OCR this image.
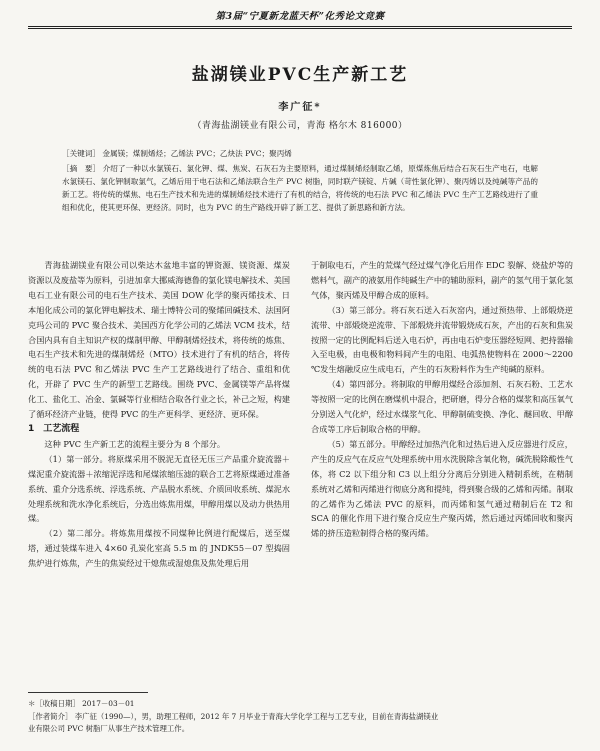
第3届“宁夏新龙蓝天杯”化秀论文竞赛
盐湖镁业PVC生产新工艺
李广征*
（青海盐湖镁业有限公司，青海 格尔木 816000）

［关键词］ 金属镁；煤制烯烃；乙烯法 PVC；乙炔法 PVC；聚丙烯

［摘　要］ 介绍了一种以水氯镁石、氯化钾、煤、焦炭、石灰石为主要原料，通过煤制烯烃制取乙烯，原煤炼焦后结合石灰石生产电石，电解水氯镁石、氯化钾制取氯气，乙烯后用于电石法和乙烯法联合生产 PVC 树脂，同时联产镁锭、片碱（苛性氯化钾）、聚丙烯以及纯碱等产品的新工艺。将传统的煤焦、电石生产技术和先进的煤制烯烃技术进行了有机的结合，将传统的电石法 PVC 和乙烯法 PVC 生产工艺路线进行了重组和优化，使其更环保、更经济。同时，也为 PVC 的生产路线开辟了新工艺、提供了新思路和新方法。

青海盐湖镁业有限公司以柴达木盆地丰富的钾资源、镁资源、煤炭资源以及废盐等为原料，引进加拿大挪威海德鲁的氯化镁电解技术、美国电石工业有限公司的电石生产技术、美国 DOW 化学的聚丙烯技术、日本旭化成公司的氯化钾电解技术、瑞士博特公司的聚烯回碱技术、法国阿克玛公司的 PVC 聚合技术、美国西方化学公司的乙烯法 VCM 技术，结合国内具有自主知识产权的煤制甲醇、甲醇制烯烃技术，将传统的炼焦、电石生产技术和先进的煤制烯烃（MTO）技术进行了有机的结合，将传统的电石法 PVC 和乙烯法 PVC 生产工艺路线进行了结合、重组和优化，开辟了 PVC 生产的新型工艺路线。围绕 PVC、金属镁等产品将煤化工、盐化工、冶金、氯碱等行业相结合取各行业之长，补己之短，构建了循环经济产业链，使得 PVC 的生产更科学、更经济、更环保。

1　工艺流程

这种 PVC 生产新工艺的流程主要分为 8 个部分。

（1）第一部分。将原煤采用不脱泥无直径无压三产品重介旋流器＋煤泥重介旋流器＋浓缩泥浮选和尾煤浓缩压滤的联合工艺将原煤通过准备系统、重介分选系统、浮选系统、产品脱水系统、介质回收系统、煤泥水处理系统和洗水净化系统后，分选出炼焦用煤，甲醇用煤以及动力供热用煤。

（2）第二部分。将炼焦用煤按不同煤种比例进行配煤后，送至煤塔，通过装煤车进入 4×60 孔炭化室高 5.5 m 的 JNDK55－07 型捣固焦炉进行炼焦，产生的焦炭经过干熄焦或湿熄焦及焦处理后用

于制取电石，产生的荒煤气经过煤气净化后用作 EDC 裂解、烧盐炉等的燃料气，副产的液氨用作纯碱生产中的辅助原料，副产的氢气用于氯化氢气体，聚丙烯及甲醇合成的原料。

（3）第三部分。将石灰石送入石灰窑内，通过预热带、上部煅烧逆流带、中部煅烧逆流带、下部煅烧并流带锻烧成石灰，产出的石灰和焦炭按照一定的比例配料后送入电石炉，再由电石炉变压器经短网、把持器输入至电极，由电极和物料间产生的电阻、电弧热使物料在 2000～2200 ℃发生熔融反应生成电石，产生的石灰粉料作为生产纯碱的原料。

（4）第四部分。将制取的甲醇用煤经合添加剂、石灰石粉、工艺水等按照一定的比例在磨煤机中混合，把研磨，得分合格的煤浆和高压氧气分别送入气化炉，经过水煤浆气化、甲醇制硫变换、净化、醚回收、甲醇合成等工序后制取合格的甲醇。

（5）第五部分。甲醇经过加热汽化和过热后进入反应器进行反应，产生的反应气在反应气处理系统中用水洗脱除含氧化物，碱洗脱除酸性气体，将 C2 以下组分和 C3 以上组分分离后分别进入精制系统，在精制系统对乙烯和丙烯进行彻底分离和提纯，得到聚合级的乙烯和丙烯。制取的乙烯作为乙烯法 PVC 的原料，而丙烯和氢气通过精制后在 T2 和 SCA 的催化作用下进行聚合反应生产聚丙烯，然后通过丙烯回收和聚丙烯的挤压造粒制得合格的聚丙烯。

＊［收稿日期］ 2017－03－01

［作者简介］ 李广征（1990—），男，助理工程师，2012 年 7 月毕业于青海大学化学工程与工艺专业，目前在青海盐湖镁业

业有限公司 PVC 树脂厂从事生产技术管理工作。
